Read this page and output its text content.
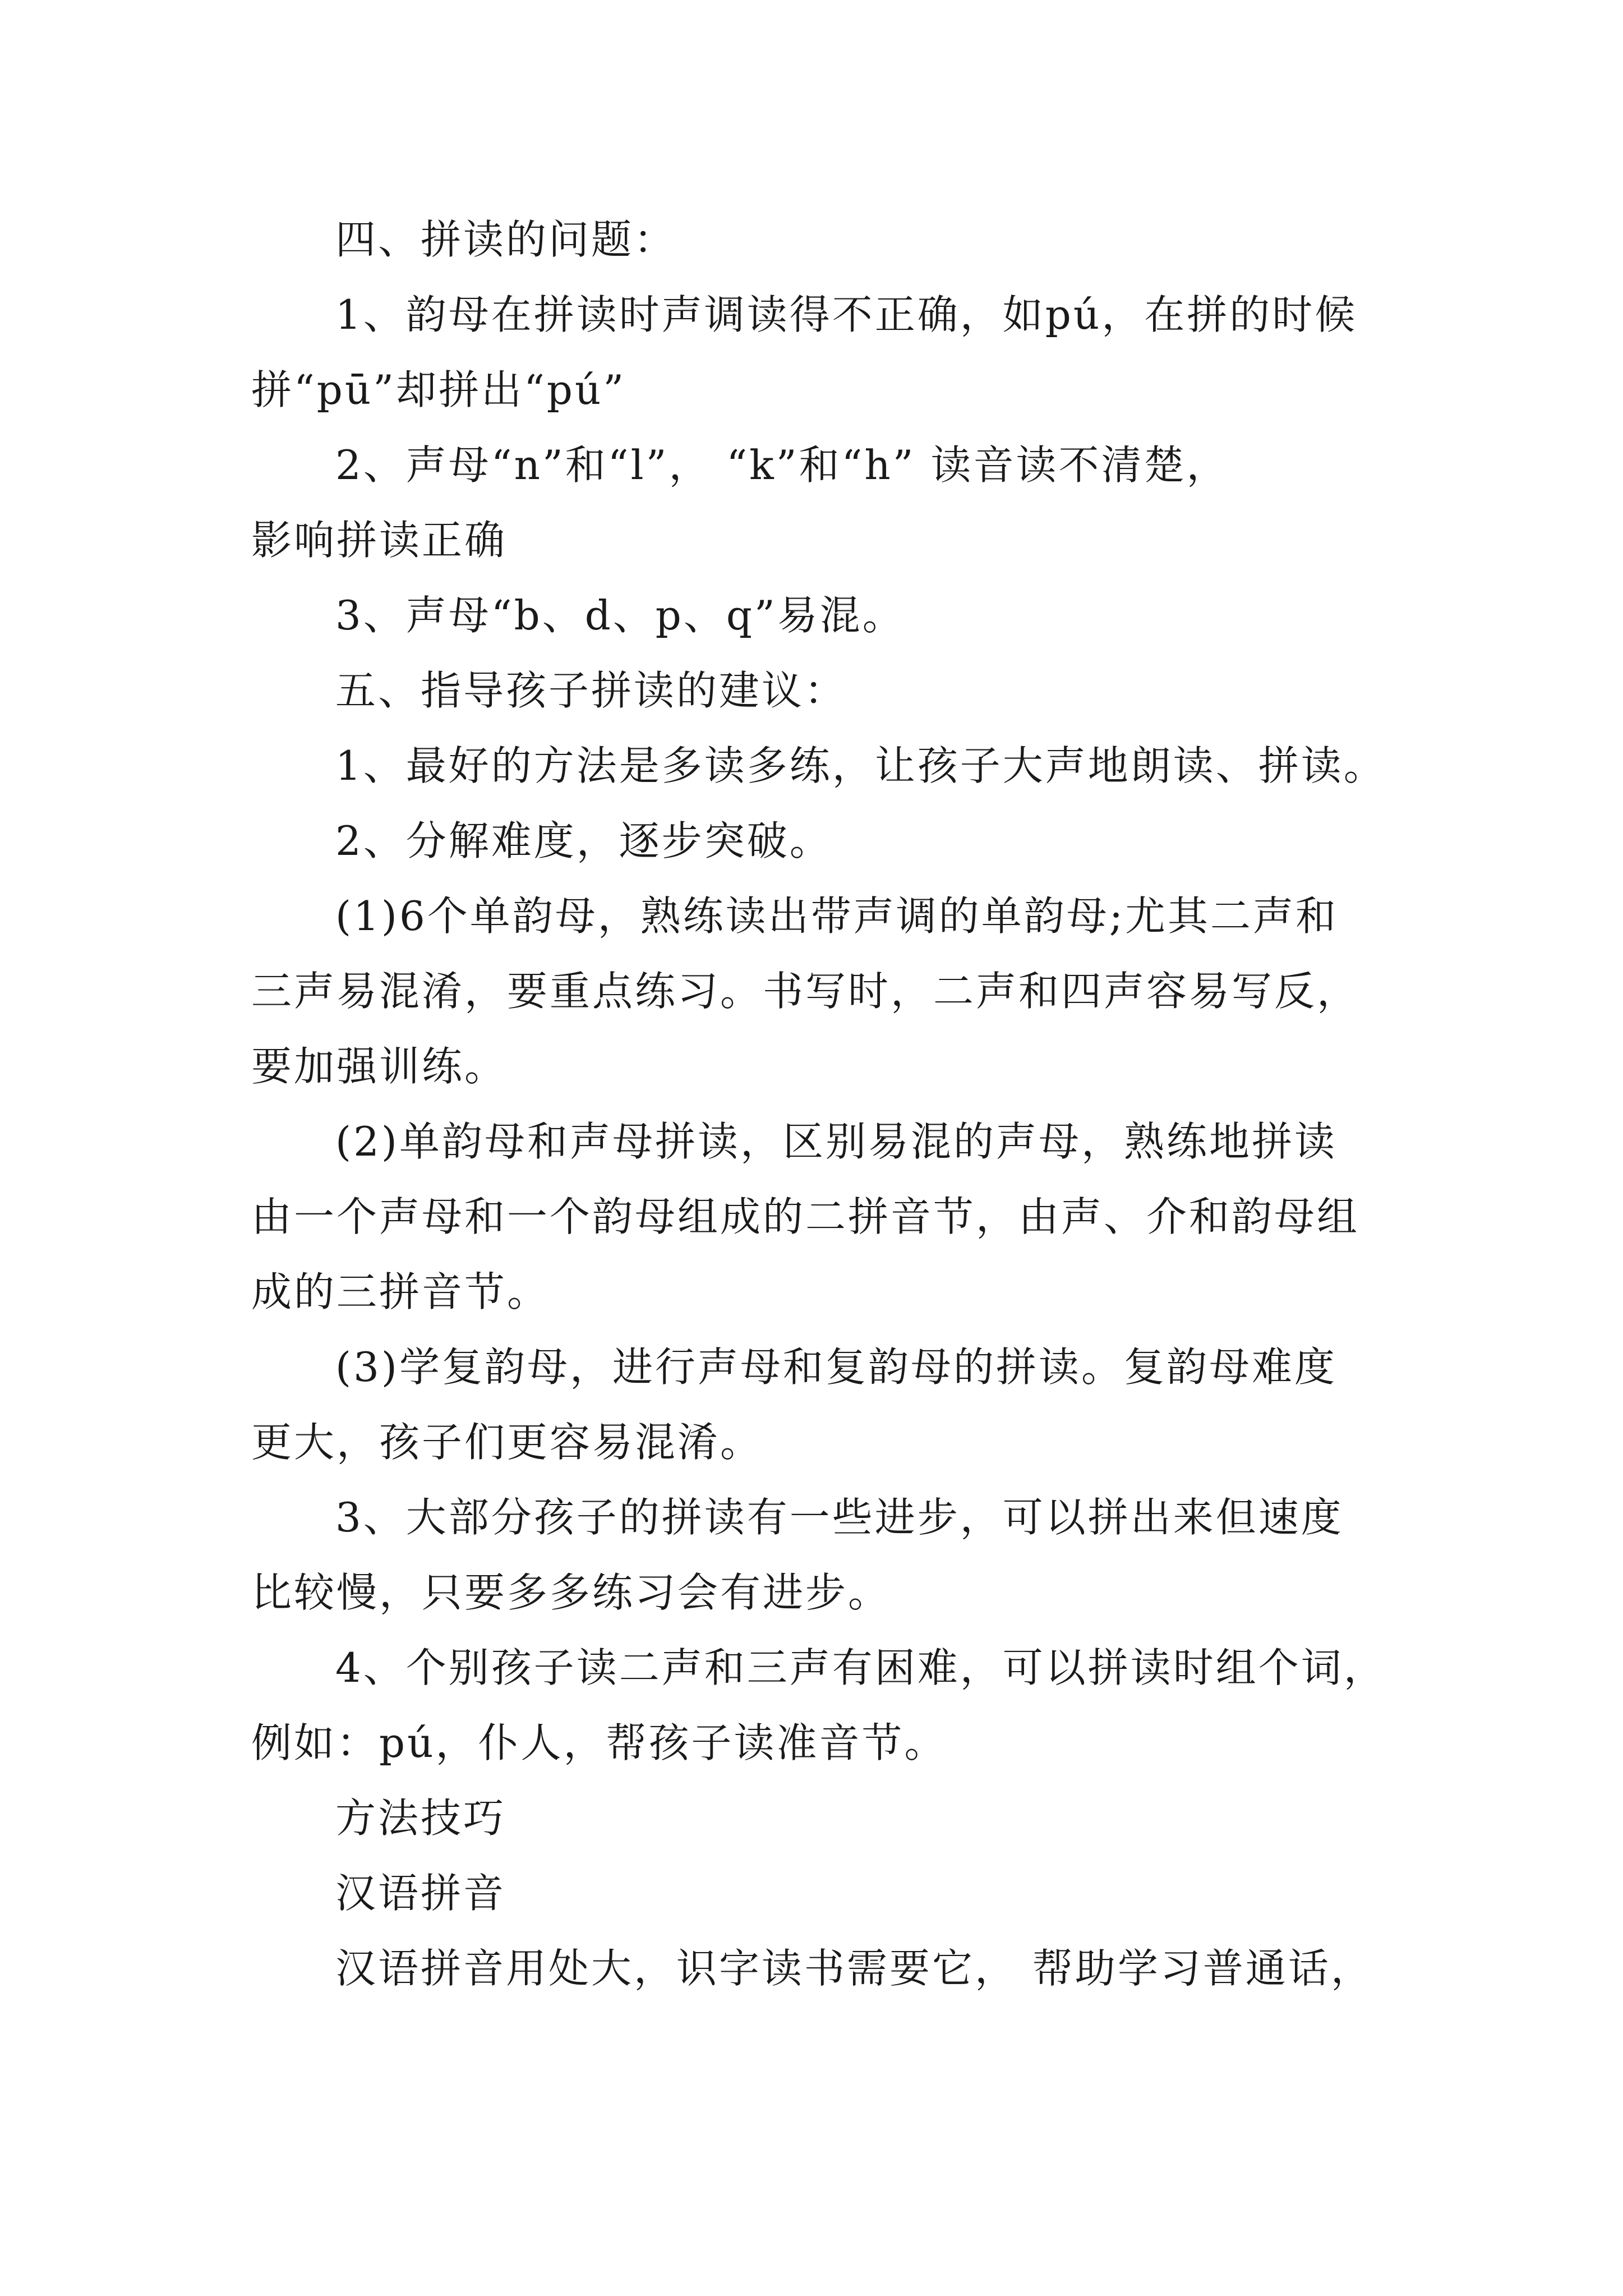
四、拼读的问题：
1、韵母在拼读时声调读得不正确，如pú，在拼的时候
拼“pū”却拼出“pú”
2、声母“n”和“l”， “k”和“h” 读音读不清楚，
影响拼读正确
3、声母“b、d、p、q”易混。
五、指导孩子拼读的建议：
1、最好的方法是多读多练，让孩子大声地朗读、拼读。
2、分解难度，逐步突破。
(1)6个单韵母，熟练读出带声调的单韵母;尤其二声和
三声易混淆，要重点练习。书写时，二声和四声容易写反，
要加强训练。
(2)单韵母和声母拼读，区别易混的声母，熟练地拼读
由一个声母和一个韵母组成的二拼音节，由声、介和韵母组
成的三拼音节。
(3)学复韵母，进行声母和复韵母的拼读。复韵母难度
更大，孩子们更容易混淆。
3、大部分孩子的拼读有一些进步，可以拼出来但速度
比较慢，只要多多练习会有进步。
4、个别孩子读二声和三声有困难，可以拼读时组个词，
例如：pú，仆人，帮孩子读准音节。
方法技巧
汉语拼音
汉语拼音用处大，识字读书需要它， 帮助学习普通话，
